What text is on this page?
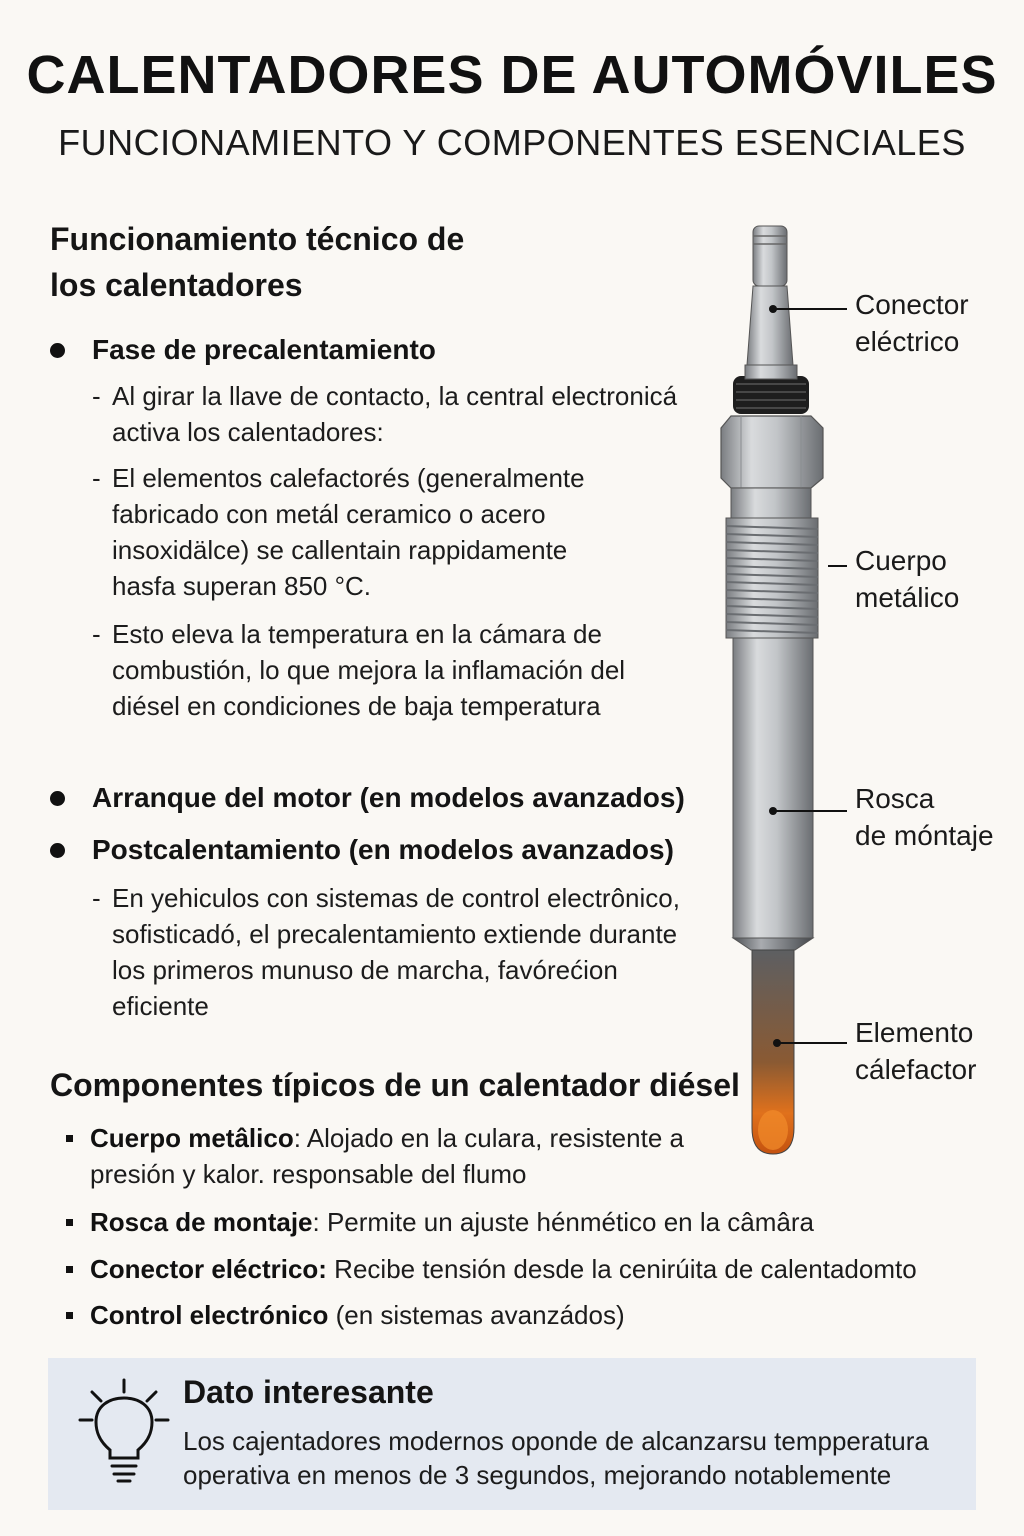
CALENTADORES DE AUTOMÓVILES
FUNCIONAMIENTO Y COMPONENTES ESENCIALES
Funcionamiento técnico de
los calentadores
Fase de precalentamiento
- Al girar la llave de contacto, la central electronicá activa los calentadores:
- El elementos calefactorés (generalmente fabricado con metál ceramico o acero insoxidälce) se callentain rappidamente hasfa superan 850 °C.
- Esto eleva la temperatura en la cámara de combustión, lo que mejora la inflamación del diésel en condiciones de baja temperatura
Arranque del motor (en modelos avanzados)
Postcalentamiento (en modelos avanzados)
- En yehiculos con sistemas de control electrônico, sofisticadó, el precalentamiento extiende durante los primeros munuso de marcha, favórećion eficiente
Componentes típicos de un calentador diésel
Cuerpo metâlico: Alojado en la culara, resistente a presión y kalor. responsable del flumo
Rosca de montaje: Permite un ajuste hénmético en la câmâra
Conector eléctrico: Recibe tensión desde la cenirúita de calentadomto
Control electrónico (en sistemas avanzádos)
Conector
eléctrico
Cuerpo
metálico
Rosca
de móntaje
Elemento
cálefactor
Dato interesante
Los cajentadores modernos oponde de alcanzarsu tempperatura operativa en menos de 3 segundos, mejorando notablemente
